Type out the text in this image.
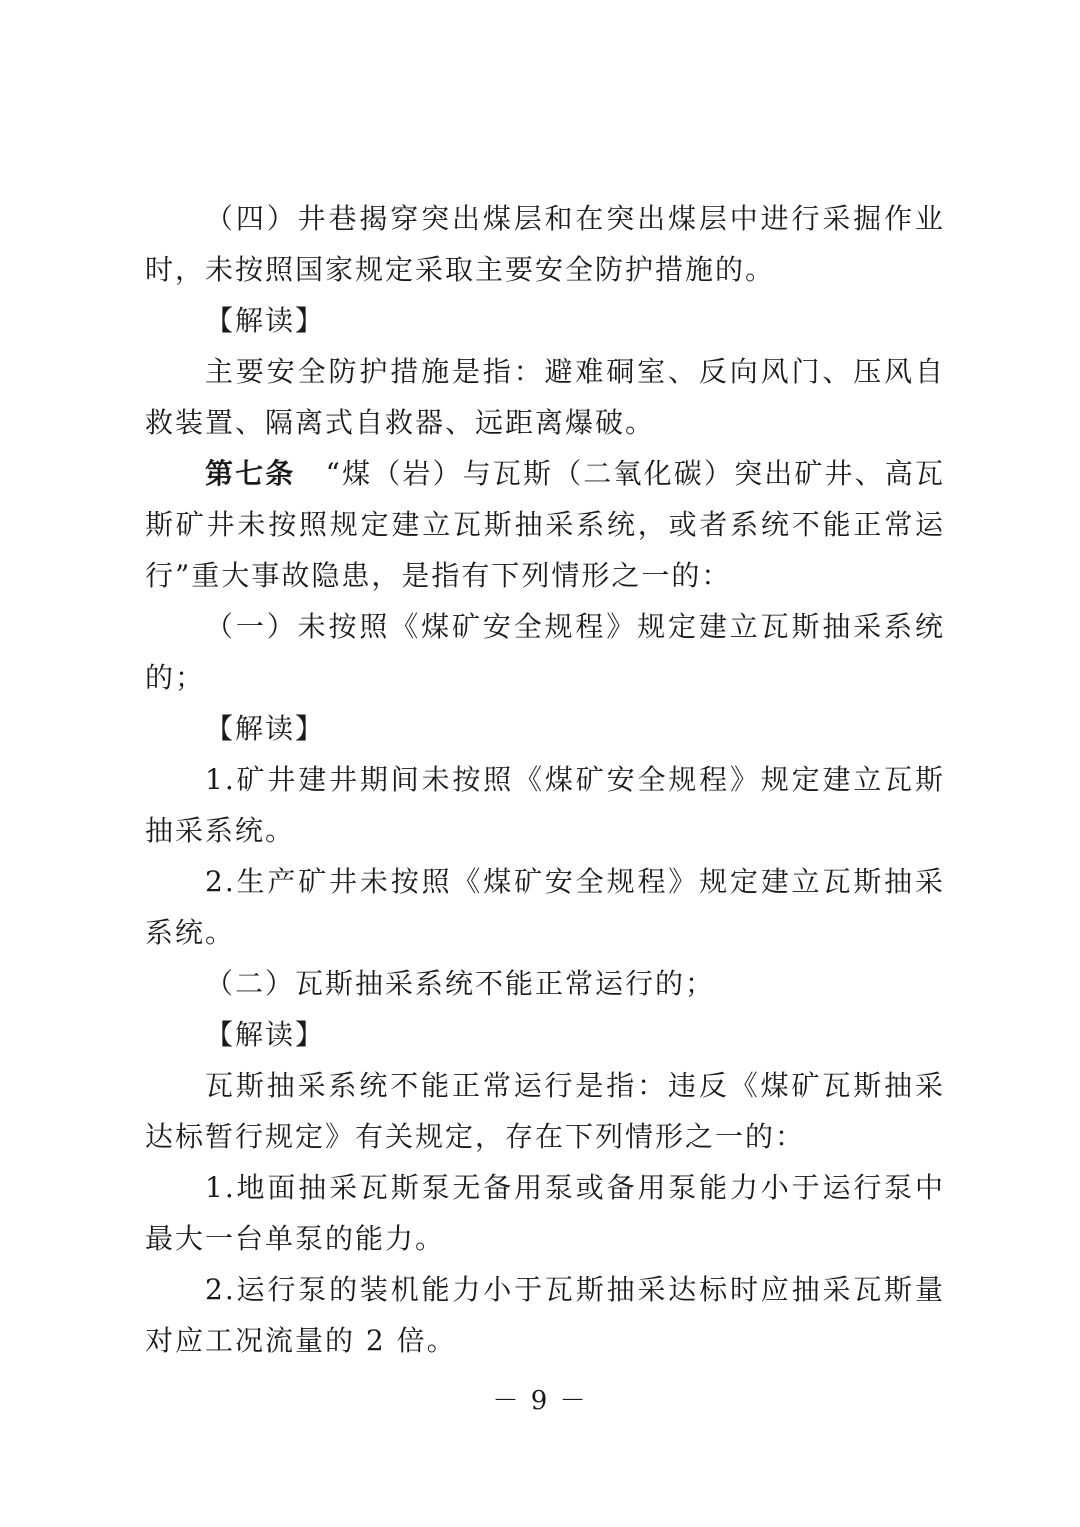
（四）井巷揭穿突出煤层和在突出煤层中进行采掘作业时，未按照国家规定采取主要安全防护措施的。

【解读】

主要安全防护措施是指：避难硐室、反向风门、压风自救装置、隔离式自救器、远距离爆破。

第七条　“煤（岩）与瓦斯（二氧化碳）突出矿井、高瓦斯矿井未按照规定建立瓦斯抽采系统，或者系统不能正常运行”重大事故隐患，是指有下列情形之一的：

（一）未按照《煤矿安全规程》规定建立瓦斯抽采系统的；

【解读】

1.矿井建井期间未按照《煤矿安全规程》规定建立瓦斯抽采系统。

2.生产矿井未按照《煤矿安全规程》规定建立瓦斯抽采系统。

（二）瓦斯抽采系统不能正常运行的；

【解读】

瓦斯抽采系统不能正常运行是指：违反《煤矿瓦斯抽采达标暂行规定》有关规定，存在下列情形之一的：

1.地面抽采瓦斯泵无备用泵或备用泵能力小于运行泵中最大一台单泵的能力。

2.运行泵的装机能力小于瓦斯抽采达标时应抽采瓦斯量对应工况流量的 2 倍。

－ 9 －
